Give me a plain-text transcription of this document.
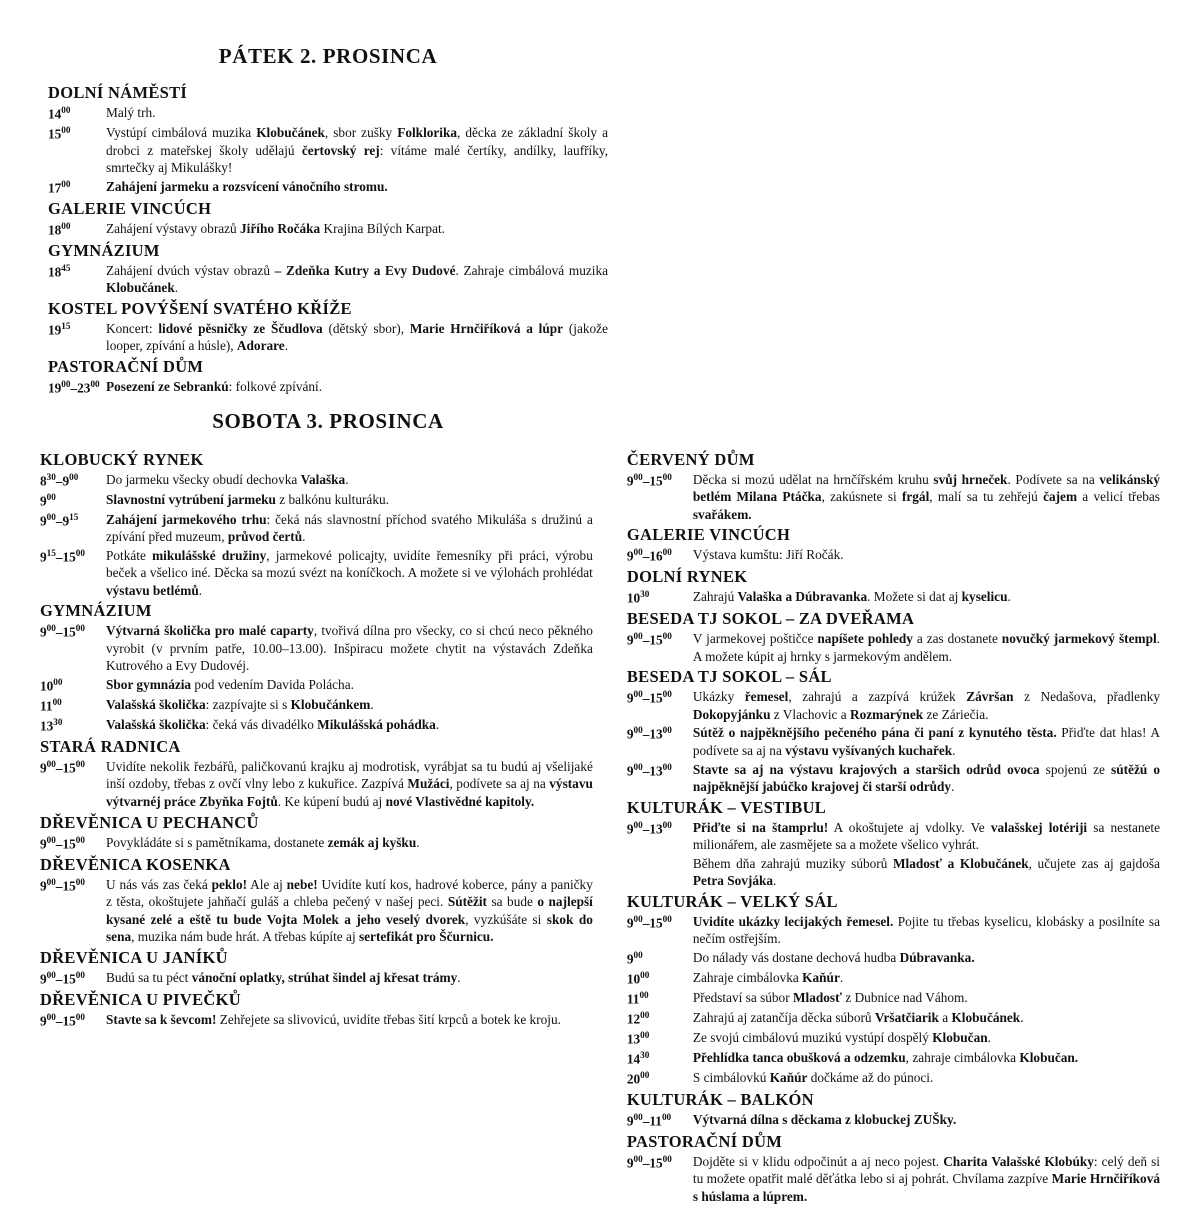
PÁTEK 2. PROSINCA
DOLNÍ NÁMĚSTÍ
$14^{00}$	Malý trh.
$15^{00}$	Vystúpí cimbálová muzika Klobučánek, sbor zušky Folklorika, děcka ze základní školy a drobci z mateřskej školy udělajú čertovský rej: vítáme malé čertíky, andílky, laufříky, smrtečky aj Mikulášky!
$17^{00}$	Zahájení jarmeku a rozsvícení vánočního stromu.
GALERIE VINCÚCH
$18^{00}$	Zahájení výstavy obrazů Jiřího Ročáka Krajina Bílých Karpat.
GYMNÁZIUM
$18^{45}$	Zahájení dvúch výstav obrazů – Zdeňka Kutry a Evy Dudové. Zahraje cimbálová muzika Klobučánek.
KOSTEL POVÝŠENÍ SVATÉHO KŘÍŽE
$19^{15}$	Koncert: lidové pěsničky ze Ščudlova (dětský sbor), Marie Hrnčiříková a lúpr (jakože looper, zpívání a húsle), Adorare.
PASTORAČNÍ DŮM
$19^{00}-23^{00}$ Posezení ze Sebrankú: folkové zpívání.
SOBOTA 3. PROSINCA
KLOBUCKÝ RYNEK
$8^{30}-9^{00}$	Do jarmeku všecky obudí dechovka Valaška.
$9^{00}$	Slavnostní vytrúbení jarmeku z balkónu kulturáku.
$9^{00}-9^{15}$	Zahájení jarmekového trhu: čeká nás slavnostní příchod svatého Mikuláša s družinú a zpívání před muzeum, průvod čertů.
$9^{15}-15^{00}$	Potkáte mikulášské družiny, jarmekové policajty, uvidíte řemesníky při práci, výrobu beček a všelico iné. Děcka sa mozú svézt na koníčkoch. A možete si ve výlohách prohlédat výstavu betlémů.
GYMNÁZIUM
$9^{00}-15^{00}$	Výtvarná školička pro malé caparty, tvořivá dílna pro všecky, co si chcú neco pěkného vyrobit (v prvním patře, 10.00–13.00). Inšpiracu možete chytit na výstavách Zdeňka Kutrového a Evy Dudovéj.
$10^{00}$	Sbor gymnázia pod vedením Davida Polácha.
$11^{00}$	Valašská školička: zazpívajte si s Klobučánkem.
$13^{30}$	Valašská školička: čeká vás divadélko Mikulášská pohádka.
STARÁ RADNICA
$9^{00}-15^{00}$	Uvidíte nekolik řezbářů, paličkovanú krajku aj modrotisk, vyrábjat sa tu budú aj všelijaké inší ozdoby, třebas z ovčí vlny lebo z kukuřice. Zazpívá Mužáci, podívete sa aj na výstavu výtvarnéj práce Zbyňka Fojtů. Ke kúpení budú aj nové Vlastivědné kapitoly.
DŘEVĚNICA U PECHANCŮ
$9^{00}-15^{00}$	Povykládáte si s pamětníkama, dostanete zemák aj kyšku.
DŘEVĚNICA KOSENKA
$9^{00}-15^{00}$	U nás vás zas čeká peklo! Ale aj nebe! Uvidíte kutí kos, hadrové koberce, pány a paničky z těsta, okoštujete jahňačí guláš a chleba pečený v našej peci. Sútěžit sa bude o najlepší kysané zelé a eště tu bude Vojta Molek a jeho veselý dvorek, vyzkúšáte si skok do sena, muzika nám bude hrát. A třebas kúpíte aj sertefikát pro Ščurnicu.
DŘEVĚNICA U JANÍKŮ
$9^{00}-15^{00}$	Budú sa tu péct vánoční oplatky, strúhat šindel aj křesat trámy.
DŘEVĚNICA U PIVEČKŮ
$9^{00}-15^{00}$	Stavte sa k ševcom! Zehřejete sa slivovicú, uvidíte třebas šití krpců a botek ke kroju.
ČERVENÝ DŮM
$9^{00}-15^{00}$	Děcka si mozú udělat na hrnčířském kruhu svůj hrneček. Podívete sa na velikánský betlém Milana Ptáčka, zakúsnete si frgál, malí sa tu zehřejú čajem a velicí třebas svařákem.
GALERIE VINCÚCH
$9^{00}-16^{00}$	Výstava kumštu: Jiří Ročák.
DOLNÍ RYNEK
$10^{30}$	Zahrajú Valaška a Dúbravanka. Možete si dat aj kyselicu.
BESEDA TJ SOKOL – ZA DVEŘAMA
$9^{00}-15^{00}$	V jarmekovej poštičce napíšete pohledy a zas dostanete novučký jarmekový štempl. A možete kúpit aj hrnky s jarmekovým andělem.
BESEDA TJ SOKOL – SÁL
$9^{00}-15^{00}$	Ukázky řemesel, zahrajú a zazpívá krúžek Závršan z Nedašova, přadlenky Dokopyjánku z Vlachovic a Rozmarýnek ze Záriečia.
$9^{00}-13^{00}$	Sútěž o najpěknějšího pečeného pána či paní z kynutého těsta. Přiďte dat hlas! A podívete sa aj na výstavu vyšívaných kuchařek.
$9^{00}-13^{00}$	Stavte sa aj na výstavu krajových a staršich odrůd ovoca spojenú ze sútěžú o najpěknější jabúčko krajovej či starší odrůdy.
KULTURÁK – VESTIBUL
$9^{00}-13^{00}$	Přiďte si na štamprlu! A okoštujete aj vdolky. Ve valašskej lotériji sa nestanete milionářem, ale zasmějete sa a možete všelico vyhrát.
Během dňa zahrajú muziky súborů Mladosť a Klobučánek, učujete zas aj gajdoša Petra Sovjáka.
KULTURÁK – VELKÝ SÁL
$9^{00}-15^{00}$	Uvidíte ukázky lecijakých řemesel. Pojite tu třebas kyselicu, klobásky a posilníte sa nečím ostřejším.
$9^{00}$	Do nálady vás dostane dechová hudba Dúbravanka.
$10^{00}$	Zahraje cimbálovka Kaňúr.
$11^{00}$	Představí sa súbor Mladosť z Dubnice nad Váhom.
$12^{00}$	Zahrajú aj zatančíja děcka súborů Vršatčiarik a Klobučánek.
$13^{00}$	Ze svojú cimbálovú muzikú vystúpí dospělý Klobučan.
$14^{30}$	Přehlídka tanca obušková a odzemku, zahraje cimbálovka Klobučan.
$20^{00}$	S cimbálovkú Kaňúr dočkáme až do púnoci.
KULTURÁK – BALKÓN
$9^{00}-11^{00}$	Výtvarná dílna s děckama z klobuckej ZUŠky.
PASTORAČNÍ DŮM
$9^{00}-15^{00}$	Dojděte si v klidu odpočinút a aj neco pojest. Charita Valašské Klobúky: celý deň si tu možete opatřit malé děťátka lebo si aj pohrát. Chvílama zazpíve Marie Hrnčiříková s húslama a lúprem.
